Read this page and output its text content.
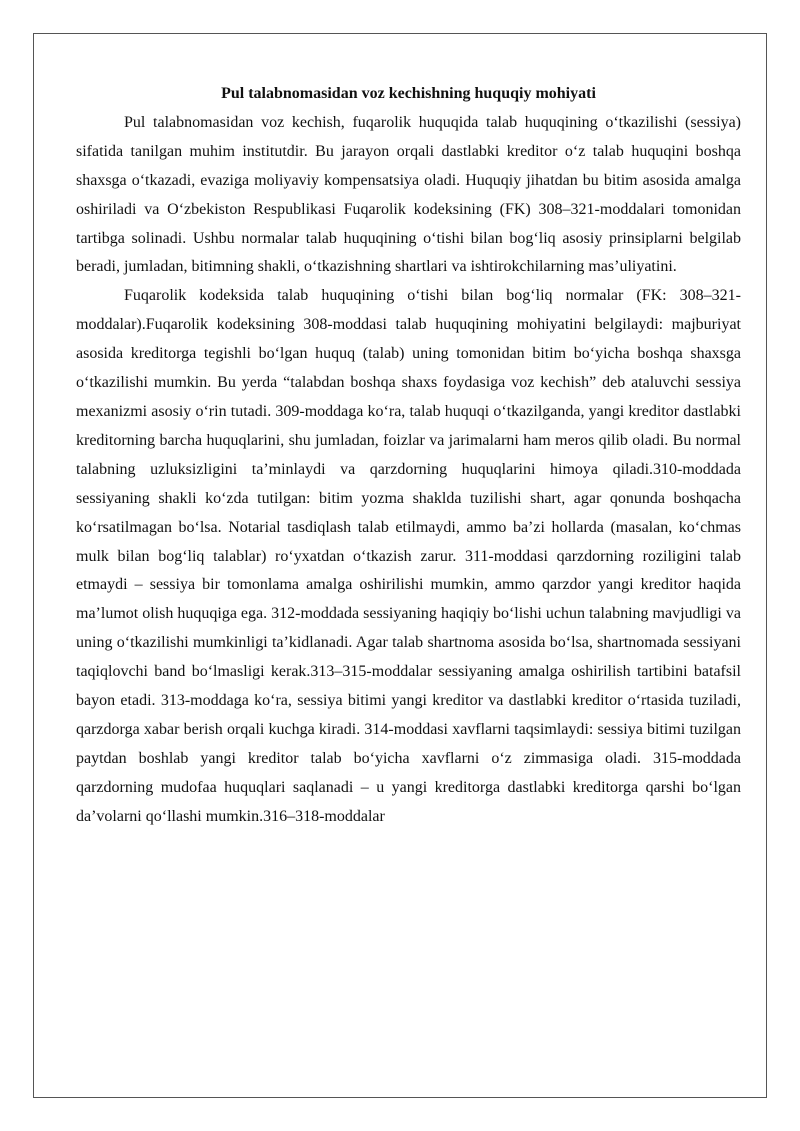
Pul talabnomasidan voz kechishning huquqiy mohiyati

Pul talabnomasidan voz kechish, fuqarolik huquqida talab huquqining o‘tkazilishi (sessiya) sifatida tanilgan muhim institutdir. Bu jarayon orqali dastlabki kreditor o‘z talab huquqini boshqa shaxsga o‘tkazadi, evaziga moliyaviy kompensatsiya oladi. Huquqiy jihatdan bu bitim asosida amalga oshiriladi va O‘zbekiston Respublikasi Fuqarolik kodeksining (FK) 308–321-moddalari tomonidan tartibga solinadi. Ushbu normalar talab huquqining o‘tishi bilan bog‘liq asosiy prinsiplarni belgilab beradi, jumladan, bitimning shakli, o‘tkazishning shartlari va ishtirokchilarning mas’uliyatini.

Fuqarolik kodeksida talab huquqining o‘tishi bilan bog‘liq normalar (FK: 308–321-moddalar).Fuqarolik kodeksining 308-moddasi talab huquqining mohiyatini belgilaydi: majburiyat asosida kreditorga tegishli bo‘lgan huquq (talab) uning tomonidan bitim bo‘yicha boshqa shaxsga o‘tkazilishi mumkin. Bu yerda “talabdan boshqa shaxs foydasiga voz kechish” deb ataluvchi sessiya mexanizmi asosiy o‘rin tutadi. 309-moddaga ko‘ra, talab huquqi o‘tkazilganda, yangi kreditor dastlabki kreditorning barcha huquqlarini, shu jumladan, foizlar va jarimalarni ham meros qilib oladi. Bu normal talabning uzluksizligini ta’minlaydi va qarzdorning huquqlarini himoya qiladi.310-moddada sessiyaning shakli ko‘zda tutilgan: bitim yozma shaklda tuzilishi shart, agar qonunda boshqacha ko‘rsatilmagan bo‘lsa. Notarial tasdiqlash talab etilmaydi, ammo ba’zi hollarda (masalan, ko‘chmas mulk bilan bog‘liq talablar) ro‘yxatdan o‘tkazish zarur. 311-moddasi qarzdorning roziligini talab etmaydi – sessiya bir tomonlama amalga oshirilishi mumkin, ammo qarzdor yangi kreditor haqida ma’lumot olish huquqiga ega. 312-moddada sessiyaning haqiqiy bo‘lishi uchun talabning mavjudligi va uning o‘tkazilishi mumkinligi ta’kidlanadi. Agar talab shartnoma asosida bo‘lsa, shartnomada sessiyani taqiqlovchi band bo‘lmasligi kerak.313–315-moddalar sessiyaning amalga oshirilish tartibini batafsil bayon etadi. 313-moddaga ko‘ra, sessiya bitimi yangi kreditor va dastlabki kreditor o‘rtasida tuziladi, qarzdorga xabar berish orqali kuchga kiradi. 314-moddasi xavflarni taqsimlaydi: sessiya bitimi tuzilgan paytdan boshlab yangi kreditor talab bo‘yicha xavflarni o‘z zimmasiga oladi. 315-moddada qarzdorning mudofaa huquqlari saqlanadi – u yangi kreditorga dastlabki kreditorga qarshi bo‘lgan da’volarni qo‘llashi mumkin.316–318-moddalar
